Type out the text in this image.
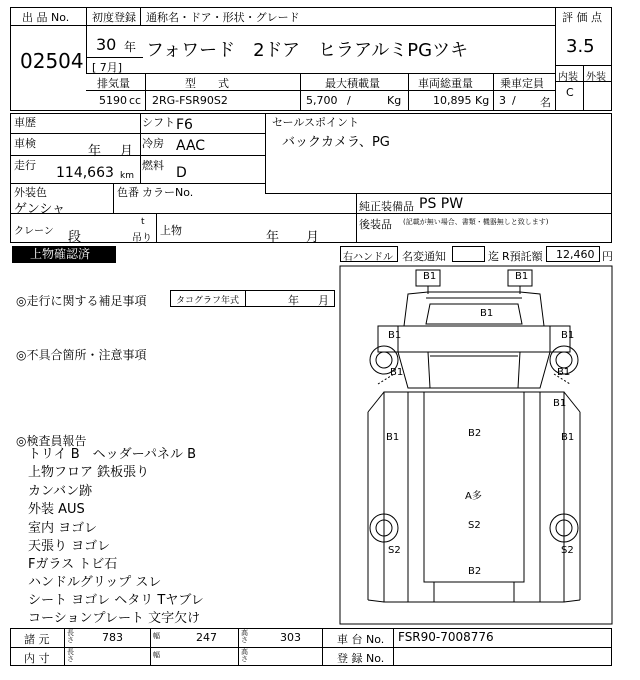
出 品 No.
02504
初度登録
30 年
[ 7月]
通称名・ドア・形状・グレード
フォワード　2ドア　ヒラアルミPGツキ
評 価 点
3.5
内装 外装
C
排気量
5190 cc
型　　式
2RG-FSR90S2
最大積載量
5,700 /	Kg
車両総重量
10,895 Kg
乗車定員
3 / 名
車歴	シフト F6
車検
年 月
冷房 AAC
走行 114,663 km
燃料 D
外装色
ゲンシャ
色番 カラーNo.
クレーン 段
t
吊り
上物	年 月
セールスポイント
バックカメラ、PG
純正装備品 PS PW
後装品 (記載が無い場合、書類・機器無しと致します)
上物確認済	右ハンドル 名変通知	迄 R預託額 12,460 円
◎走行に関する補足事項	タコグラフ年式	年 月
◎不具合箇所・注意事項
◎検査員報告
トリイ B　ヘッダーパネル B
上物フロア 鉄板張り
カンバン跡
外装 AUS
室内 ヨゴレ
天張り ヨゴレ
Fガラス トビ石
ハンドルグリップ スレ
シート ヨゴレ ヘタリ Tヤブレ
コーションプレート 文字欠け
B1	B1
B1
B1	B1
B1	B1
B1
B1	B1
B2
A多
S2
S2	S2
B2
諸 元	長さ	783	幅	247	高さ	303	車 台 No. FSR90-7008776
内 寸	長さ	幅	高さ	登 録 No.
